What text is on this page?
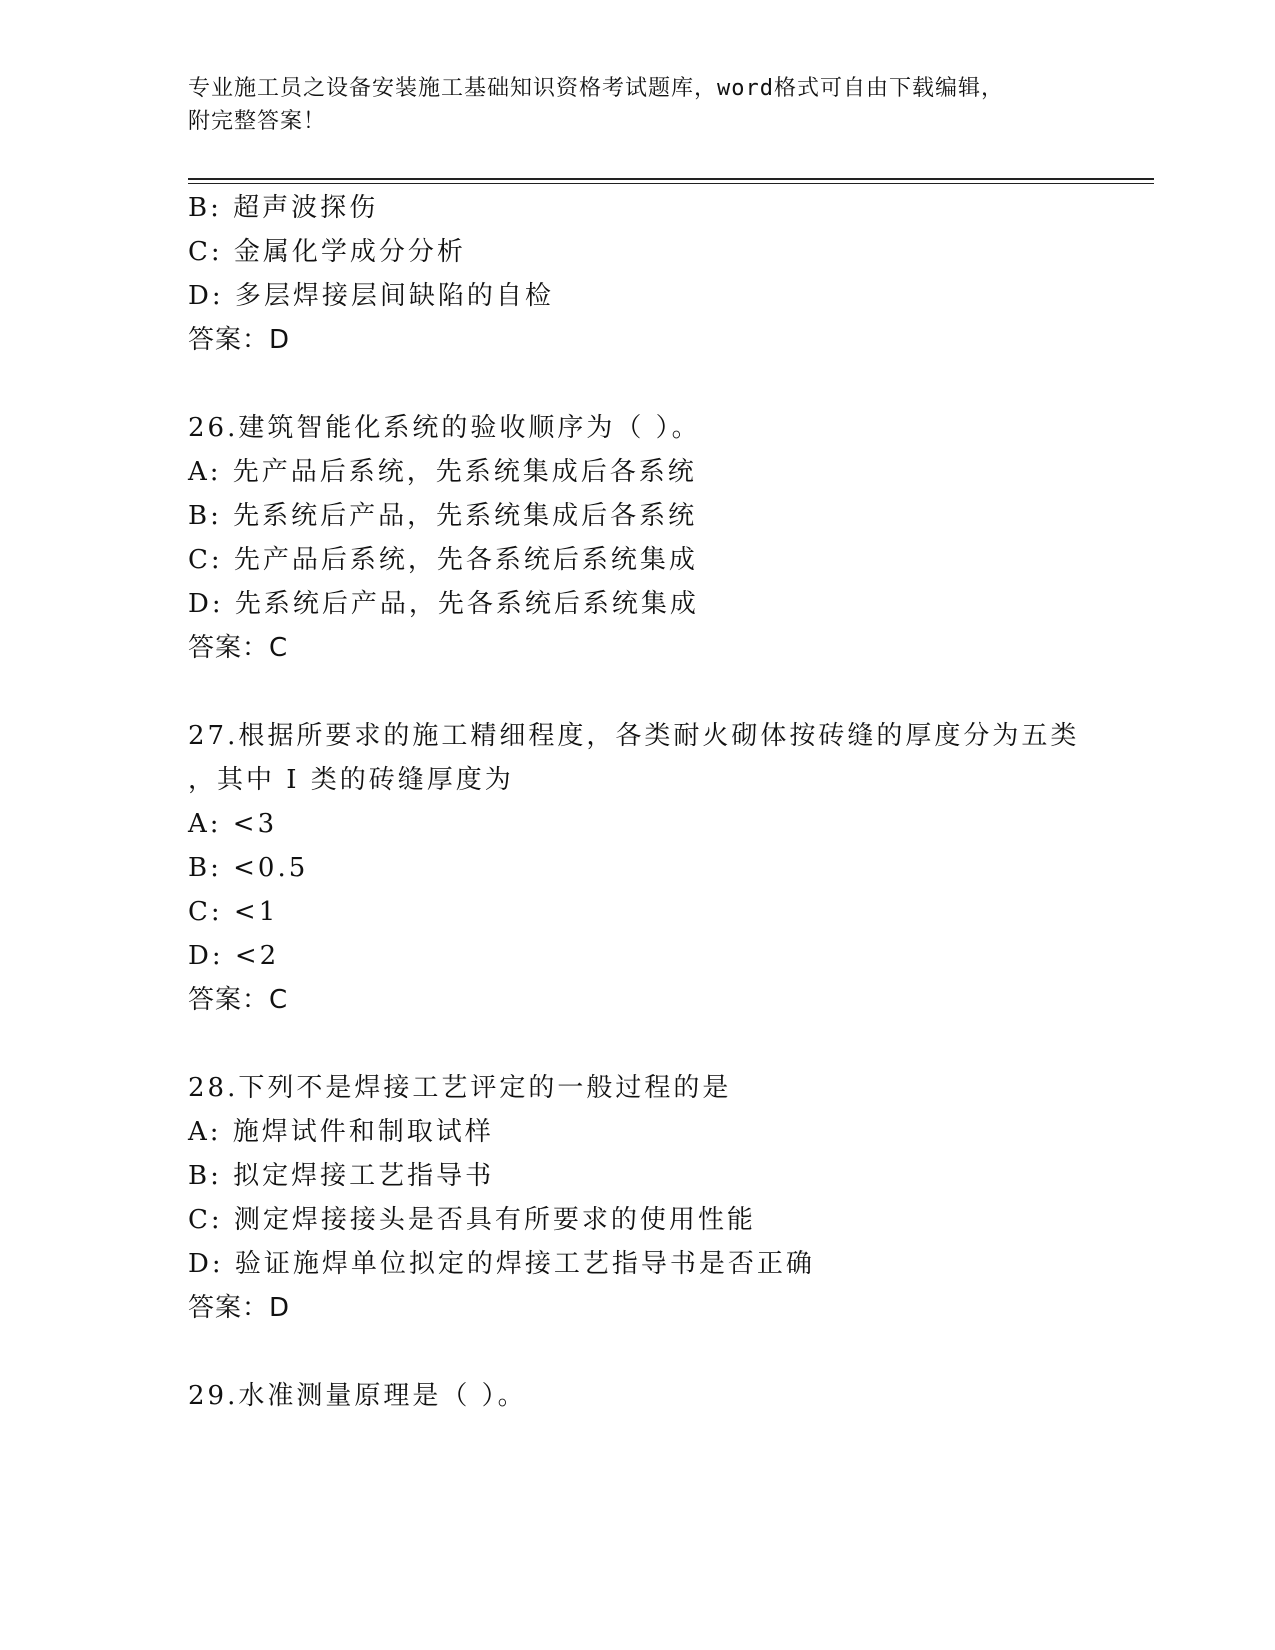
专业施工员之设备安装施工基础知识资格考试题库，word格式可自由下载编辑，
附完整答案！
B: 超声波探伤
C: 金属化学成分分析
D: 多层焊接层间缺陷的自检
答案：D
26.建筑智能化系统的验收顺序为（ ）。
A: 先产品后系统，先系统集成后各系统
B: 先系统后产品，先系统集成后各系统
C: 先产品后系统，先各系统后系统集成
D: 先系统后产品，先各系统后系统集成
答案：C
27.根据所要求的施工精细程度，各类耐火砌体按砖缝的厚度分为五类
，其中 I 类的砖缝厚度为
A: <3
B: <0.5
C: <1
D: <2
答案：C
28.下列不是焊接工艺评定的一般过程的是
A: 施焊试件和制取试样
B: 拟定焊接工艺指导书
C: 测定焊接接头是否具有所要求的使用性能
D: 验证施焊单位拟定的焊接工艺指导书是否正确
答案：D
29.水准测量原理是（ ）。
